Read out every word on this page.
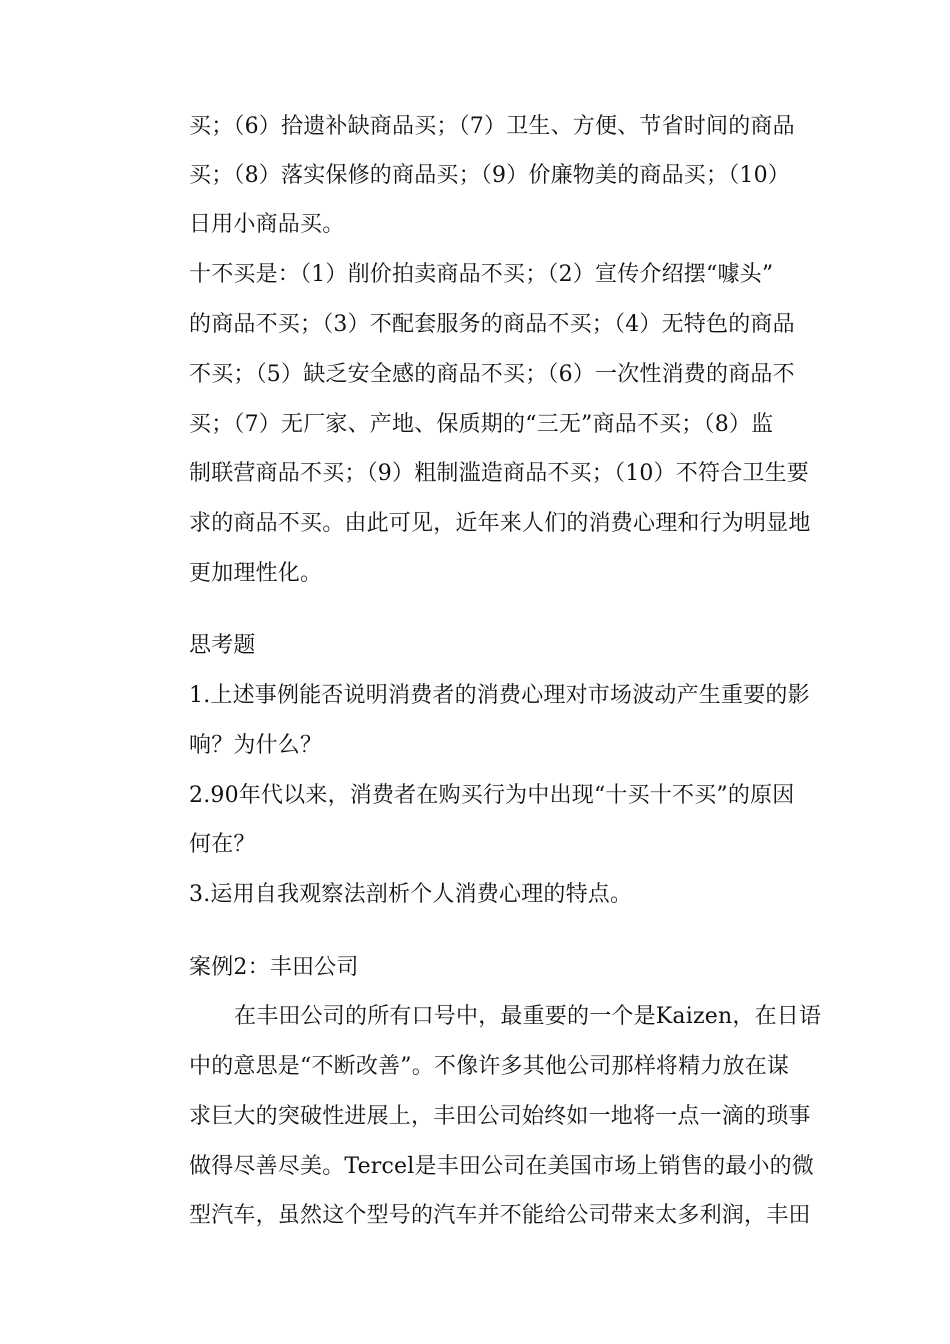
买；（6）拾遗补缺商品买；（7）卫生、方便、节省时间的商品
买；（8）落实保修的商品买；（9）价廉物美的商品买；（10）
日用小商品买。
十不买是：（1）削价拍卖商品不买；（2）宣传介绍摆“噱头”
的商品不买；（3）不配套服务的商品不买；（4）无特色的商品
不买；（5）缺乏安全感的商品不买；（6）一次性消费的商品不
买；（7）无厂家、产地、保质期的“三无”商品不买；（8）监
制联营商品不买；（9）粗制滥造商品不买；（10）不符合卫生要
求的商品不买。由此可见，近年来人们的消费心理和行为明显地
更加理性化。
思考题
1.上述事例能否说明消费者的消费心理对市场波动产生重要的影
响？为什么？
2.90年代以来，消费者在购买行为中出现“十买十不买”的原因
何在？
3.运用自我观察法剖析个人消费心理的特点。
案例2：丰田公司
在丰田公司的所有口号中，最重要的一个是Kaizen，在日语
中的意思是“不断改善”。不像许多其他公司那样将精力放在谋
求巨大的突破性进展上，丰田公司始终如一地将一点一滴的琐事
做得尽善尽美。Tercel是丰田公司在美国市场上销售的最小的微
型汽车，虽然这个型号的汽车并不能给公司带来太多利润，丰田
